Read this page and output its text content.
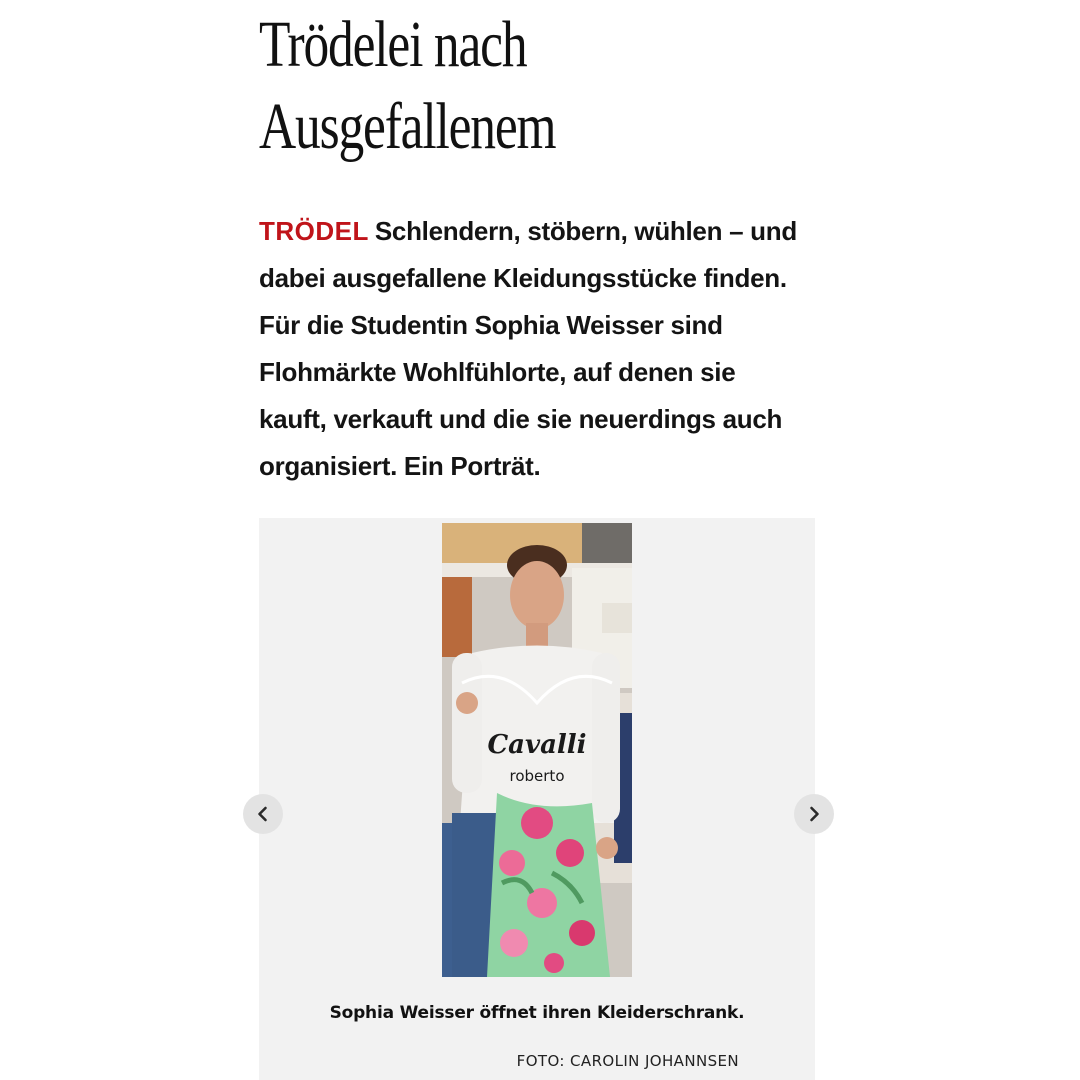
Trödelei nach
Ausgefallenem

TRÖDEL Schlendern, stöbern, wühlen – und
dabei ausgefallene Kleidungsstücke finden.
Für die Studentin Sophia Weisser sind
Flohmärkte Wohlfühlorte, auf denen sie
kauft, verkauft und die sie neuerdings auch
organisiert. Ein Porträt.

Cavalli
roberto
Sophia Weisser öffnet ihren Kleiderschrank.
FOTO: CAROLIN JOHANNSEN
